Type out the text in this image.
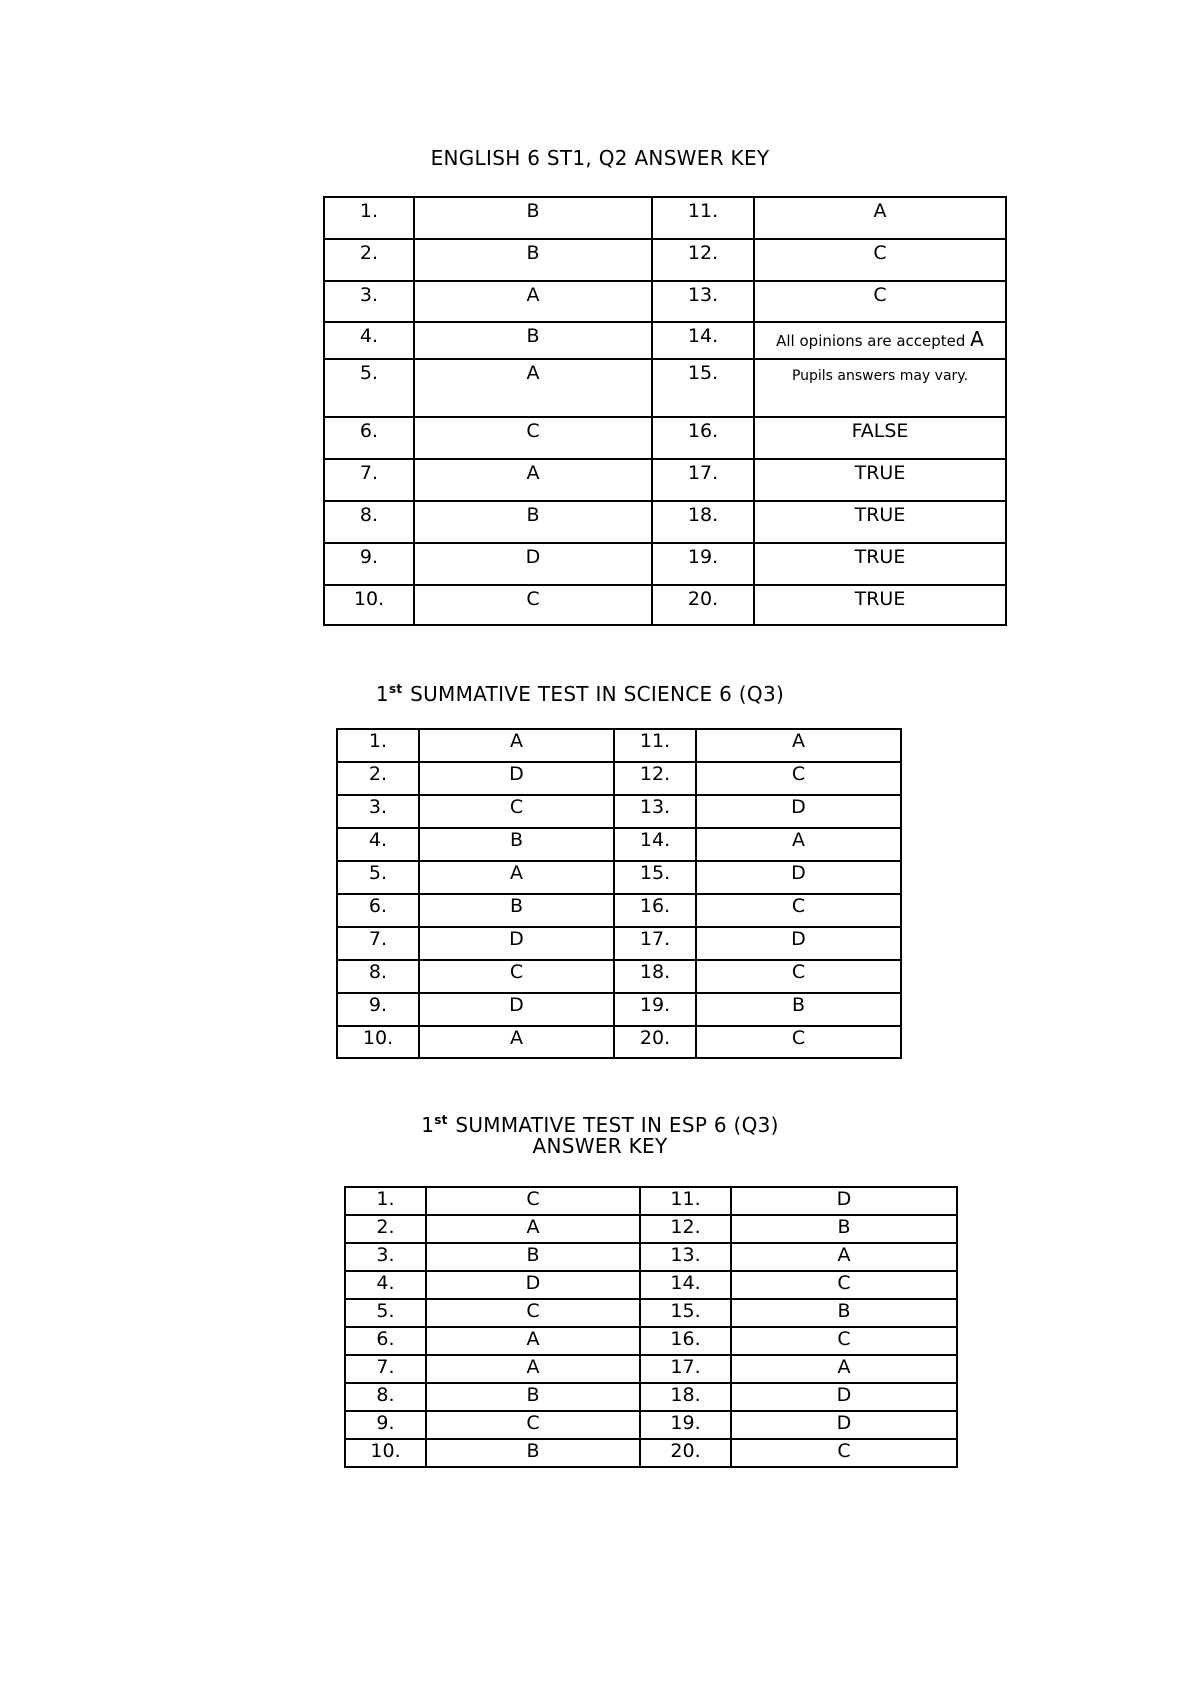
ENGLISH 6 ST1, Q2 ANSWER KEY
1.	B	11.	A
2.	B	12.	C
3.	A	13.	C
4.	B	14.	All opinions are accepted A
5.	A	15.	Pupils answers may vary.
6.	C	16.	FALSE
7.	A	17.	TRUE
8.	B	18.	TRUE
9.	D	19.	TRUE
10.	C	20.	TRUE
1st SUMMATIVE TEST IN SCIENCE 6 (Q3)
1.	A	11.	A
2.	D	12.	C
3.	C	13.	D
4.	B	14.	A
5.	A	15.	D
6.	B	16.	C
7.	D	17.	D
8.	C	18.	C
9.	D	19.	B
10.	A	20.	C
1st SUMMATIVE TEST IN ESP 6 (Q3)
ANSWER KEY
1.	C	11.	D
2.	A	12.	B
3.	B	13.	A
4.	D	14.	C
5.	C	15.	B
6.	A	16.	C
7.	A	17.	A
8.	B	18.	D
9.	C	19.	D
10.	B	20.	C
